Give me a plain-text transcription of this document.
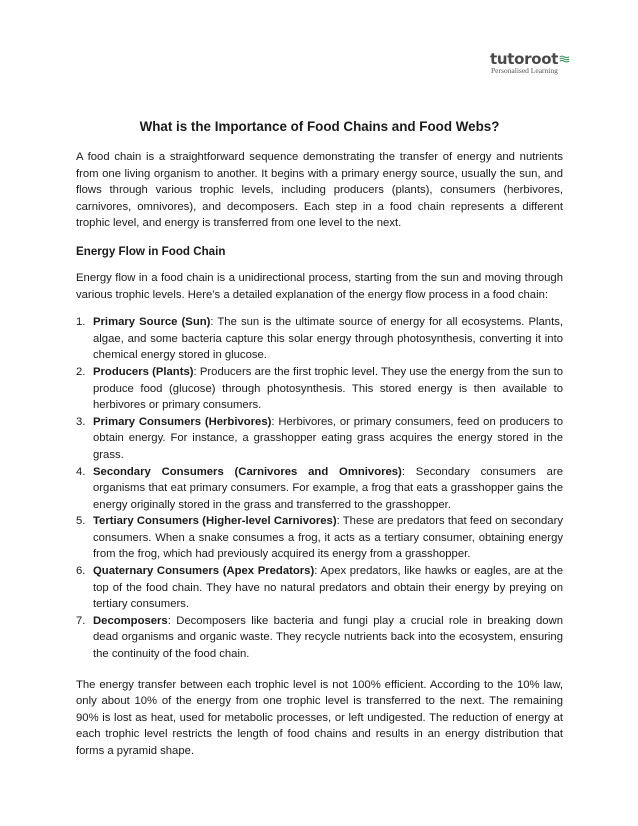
tutoroot
Personalised Learning
What is the Importance of Food Chains and Food Webs?

A food chain is a straightforward sequence demonstrating the transfer of energy and nutrients from one living organism to another. It begins with a primary energy source, usually the sun, and flows through various trophic levels, including producers (plants), consumers (herbivores, carnivores, omnivores), and decomposers. Each step in a food chain represents a different trophic level, and energy is transferred from one level to the next.

Energy Flow in Food Chain

Energy flow in a food chain is a unidirectional process, starting from the sun and moving through various trophic levels. Here’s a detailed explanation of the energy flow process in a food chain:

1. Primary Source (Sun): The sun is the ultimate source of energy for all ecosystems. Plants, algae, and some bacteria capture this solar energy through photosynthesis, converting it into chemical energy stored in glucose.
2. Producers (Plants): Producers are the first trophic level. They use the energy from the sun to produce food (glucose) through photosynthesis. This stored energy is then available to herbivores or primary consumers.
3. Primary Consumers (Herbivores): Herbivores, or primary consumers, feed on producers to obtain energy. For instance, a grasshopper eating grass acquires the energy stored in the grass.
4. Secondary Consumers (Carnivores and Omnivores): Secondary consumers are organisms that eat primary consumers. For example, a frog that eats a grasshopper gains the energy originally stored in the grass and transferred to the grasshopper.
5. Tertiary Consumers (Higher-level Carnivores): These are predators that feed on secondary consumers. When a snake consumes a frog, it acts as a tertiary consumer, obtaining energy from the frog, which had previously acquired its energy from a grasshopper.
6. Quaternary Consumers (Apex Predators): Apex predators, like hawks or eagles, are at the top of the food chain. They have no natural predators and obtain their energy by preying on tertiary consumers.
7. Decomposers: Decomposers like bacteria and fungi play a crucial role in breaking down dead organisms and organic waste. They recycle nutrients back into the ecosystem, ensuring the continuity of the food chain.

The energy transfer between each trophic level is not 100% efficient. According to the 10% law, only about 10% of the energy from one trophic level is transferred to the next. The remaining 90% is lost as heat, used for metabolic processes, or left undigested. The reduction of energy at each trophic level restricts the length of food chains and results in an energy distribution that forms a pyramid shape.
